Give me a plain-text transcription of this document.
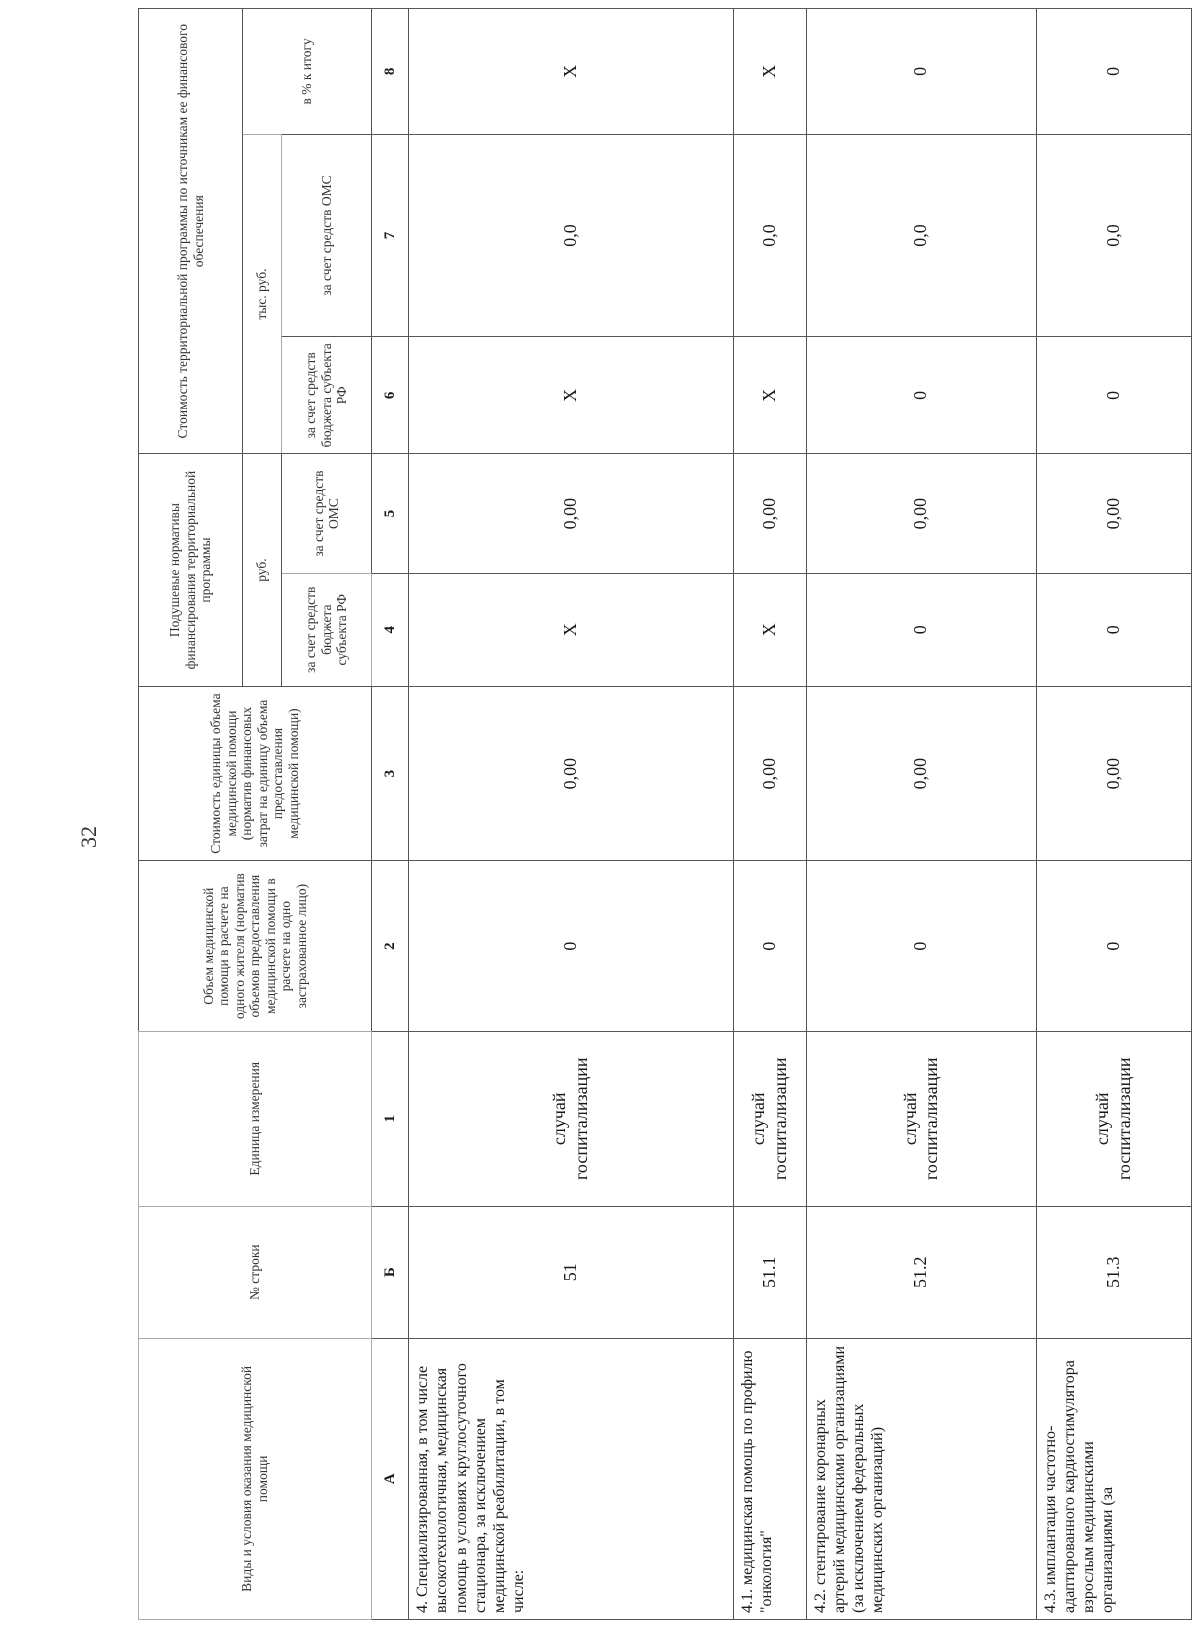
32
Виды и условия оказания медицинской помощи	№ строки	Единица измерения	Объем медицинской помощи в расчете на одного жителя (норматив объемов предоставления медицинской помощи в расчете на одно застрахованное лицо)	Стоимость единицы объема медицинской помощи (норматив финансовых затрат на единицу объема предоставления медицинской помощи)	Подушевые нормативы финансирования территориальной программы		Стоимость территориальной программы по источникам ее финансового обеспечения		
					руб.		тыс. руб.		в % к итогу
					за счет средств бюджета субъекта РФ	за счет средств ОМС	за счет средств бюджета субъекта РФ	за счет средств ОМС	
А	Б	1	2	3	4	5	6	7	8
4. Специализированная, в том числе высокотехнологичная, медицинская помощь в условиях круглосуточного стационара, за исключением медицинской реабилитации, в том числе:	51	случай госпитализации	0	0,00	Х	0,00	Х	0,0	Х
4.1. медицинская помощь по профилю "онкология"	51.1	случай госпитализации	0	0,00	Х	0,00	Х	0,0	Х
4.2. стентирование коронарных артерий медицинскими организациями (за исключением федеральных медицинских организаций)	51.2	случай госпитализации	0	0,00	0	0,00	0	0,0	0
4.3. имплантация частотно-адаптированного кардиостимулятора взрослым медицинскими организациями (за	51.3	случай госпитализации	0	0,00	0	0,00	0	0,0	0
